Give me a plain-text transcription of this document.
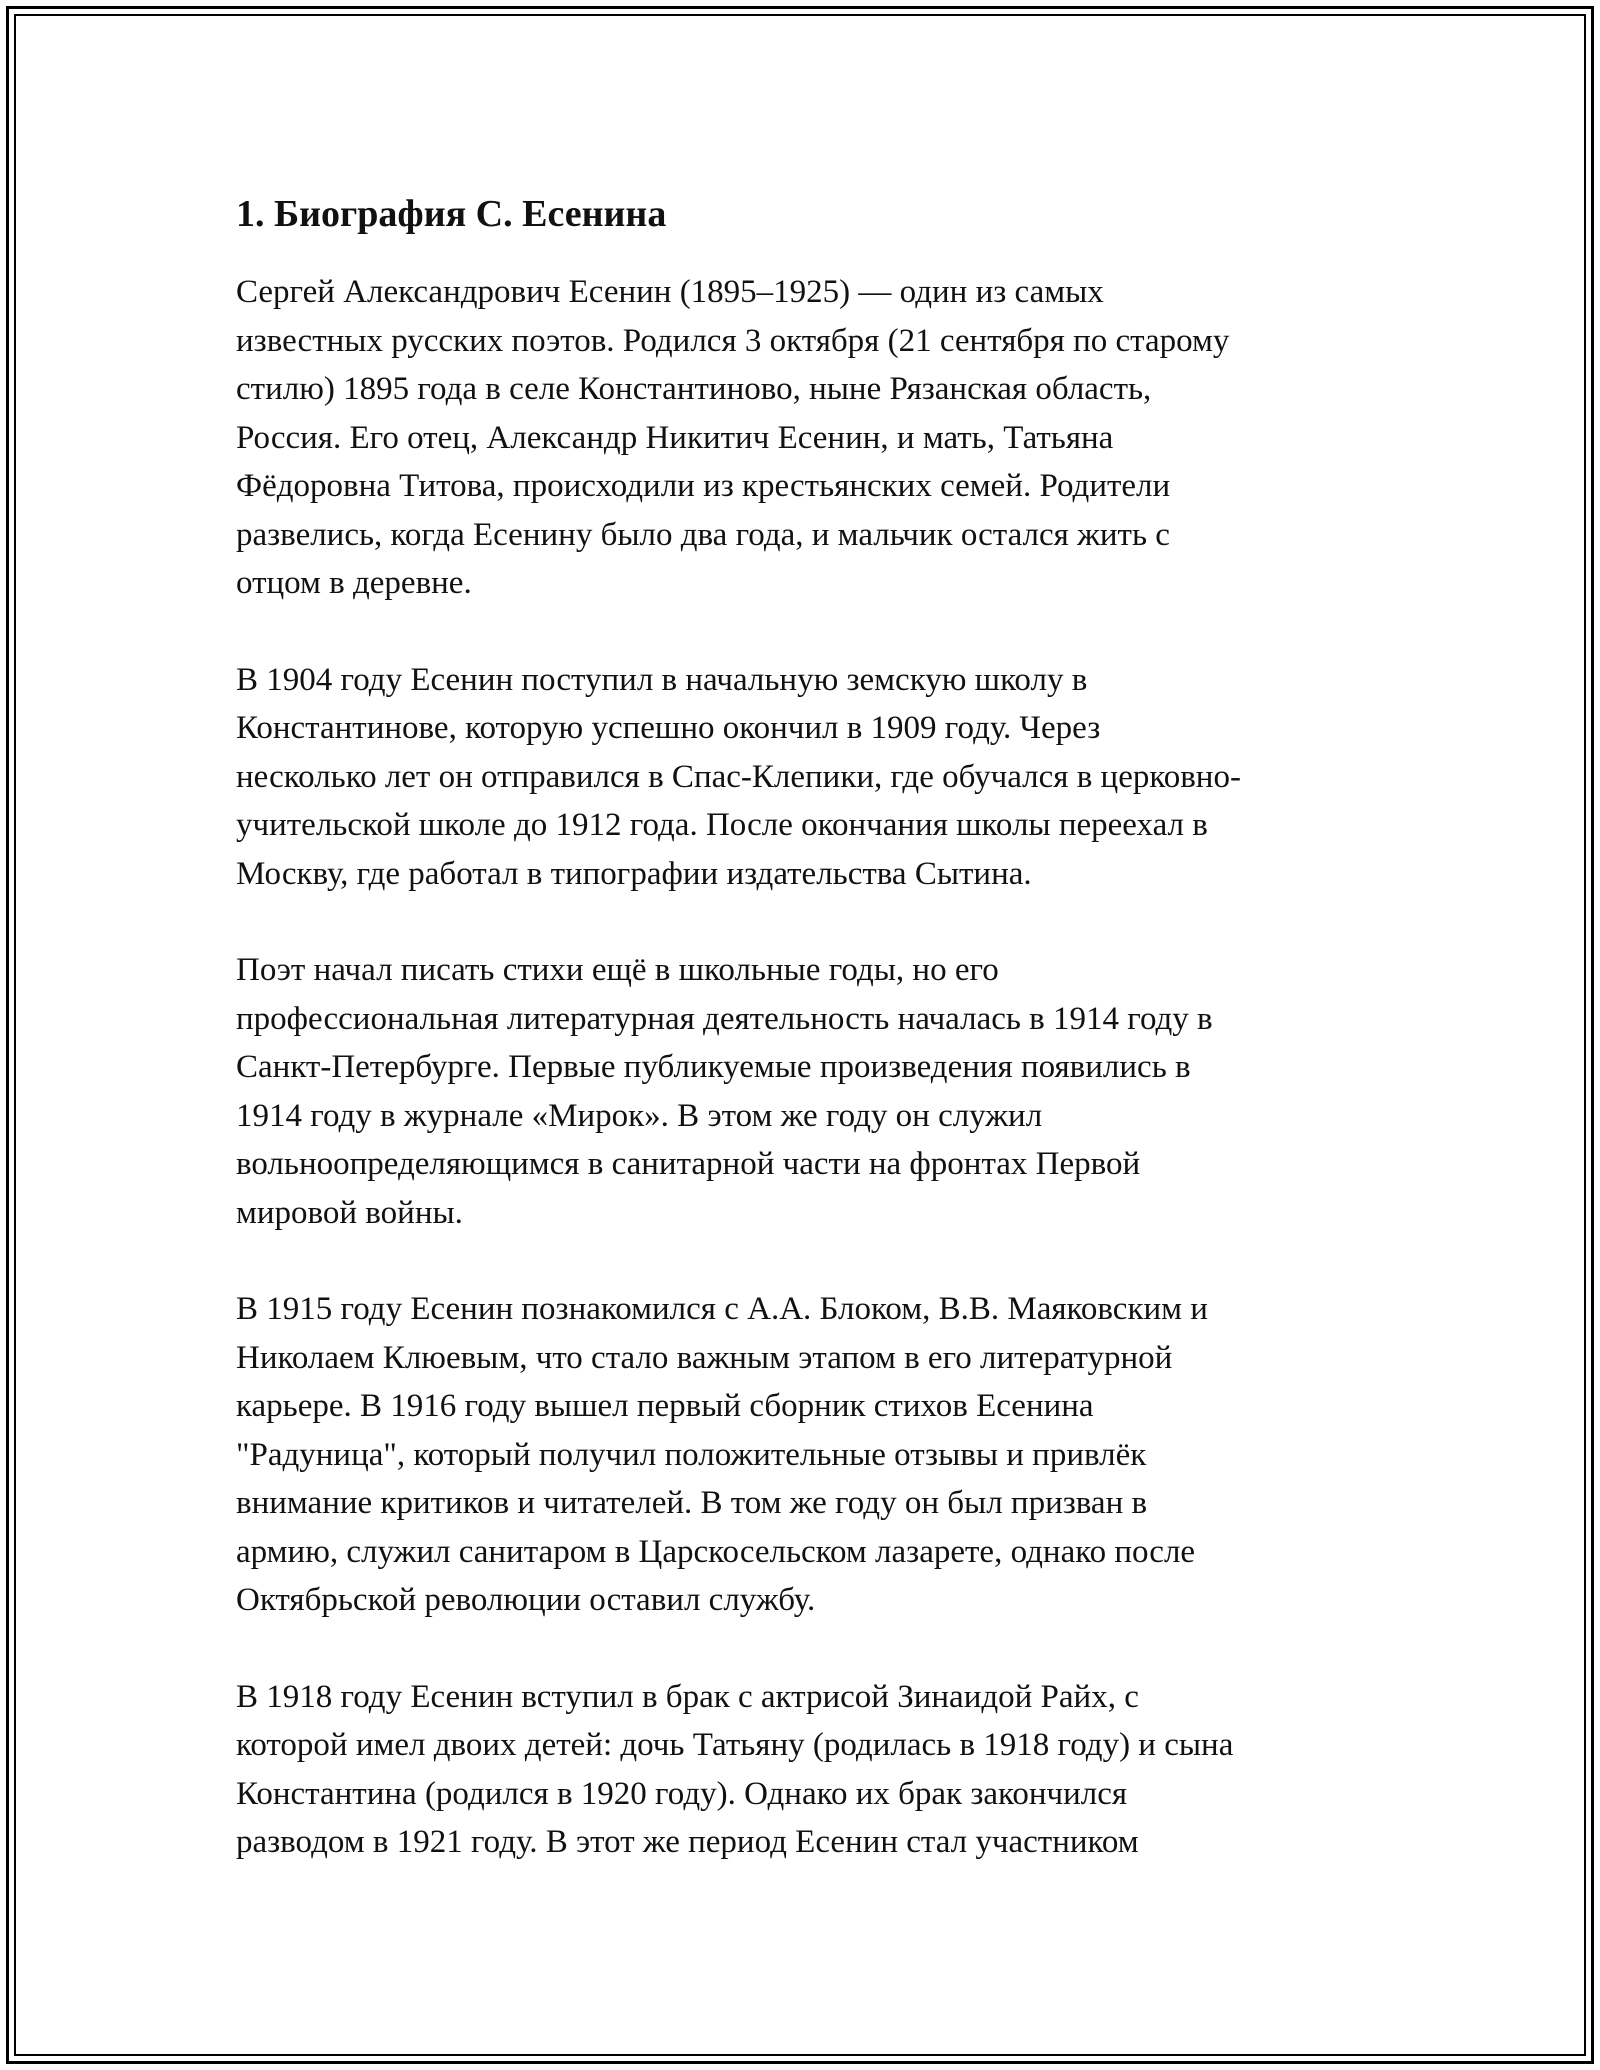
1. Биография С. Есенина

Сергей Александрович Есенин (1895–1925) — один из самых
известных русских поэтов. Родился 3 октября (21 сентября по старому
стилю) 1895 года в селе Константиново, ныне Рязанская область,
Россия. Его отец, Александр Никитич Есенин, и мать, Татьяна
Фёдоровна Титова, происходили из крестьянских семей. Родители
развелись, когда Есенину было два года, и мальчик остался жить с
отцом в деревне.

В 1904 году Есенин поступил в начальную земскую школу в
Константинове, которую успешно окончил в 1909 году. Через
несколько лет он отправился в Спас-Клепики, где обучался в церковно-
учительской школе до 1912 года. После окончания школы переехал в
Москву, где работал в типографии издательства Сытина.

Поэт начал писать стихи ещё в школьные годы, но его
профессиональная литературная деятельность началась в 1914 году в
Санкт-Петербурге. Первые публикуемые произведения появились в
1914 году в журнале «Мирок». В этом же году он служил
вольноопределяющимся в санитарной части на фронтах Первой
мировой войны.

В 1915 году Есенин познакомился с А.А. Блоком, В.В. Маяковским и
Николаем Клюевым, что стало важным этапом в его литературной
карьере. В 1916 году вышел первый сборник стихов Есенина
"Радуница", который получил положительные отзывы и привлёк
внимание критиков и читателей. В том же году он был призван в
армию, служил санитаром в Царскосельском лазарете, однако после
Октябрьской революции оставил службу.

В 1918 году Есенин вступил в брак с актрисой Зинаидой Райх, с
которой имел двоих детей: дочь Татьяну (родилась в 1918 году) и сына
Константина (родился в 1920 году). Однако их брак закончился
разводом в 1921 году. В этот же период Есенин стал участником
